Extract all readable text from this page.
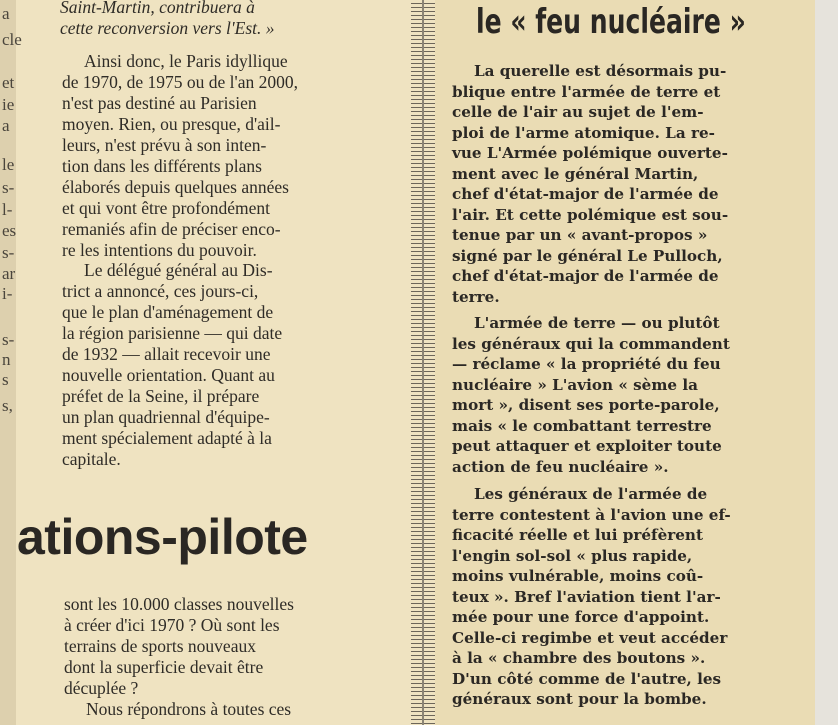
a
cle
et
ie
a
le
s-
l-
es
s-
ar
i-
s-
n
s
s,
Saint-Martin, contribuera à
cette reconversion vers l'Est. »
Ainsi donc, le Paris idyllique
de 1970, de 1975 ou de l'an 2000,
n'est pas destiné au Parisien
moyen. Rien, ou presque, d'ail-
leurs, n'est prévu à son inten-
tion dans les différents plans
élaborés depuis quelques années
et qui vont être profondément
remaniés afin de préciser enco-
re les intentions du pouvoir.
Le délégué général au Dis-
trict a annoncé, ces jours-ci,
que le plan d'aménagement de
la région parisienne — qui date
de 1932 — allait recevoir une
nouvelle orientation. Quant au
préfet de la Seine, il prépare
un plan quadriennal d'équipe-
ment spécialement adapté à la
capitale.
ations-pilote
sont les 10.000 classes nouvelles
à créer d'ici 1970 ? Où sont les
terrains de sports nouveaux
dont la superficie devait être
décuplée ?
Nous répondrons à toutes ces
le « feu nucléaire »
La querelle est désormais pu-
blique entre l'armée de terre et
celle de l'air au sujet de l'em-
ploi de l'arme atomique. La re-
vue L'Armée polémique ouverte-
ment avec le général Martin,
chef d'état-major de l'armée de
l'air. Et cette polémique est sou-
tenue par un « avant-propos »
signé par le général Le Pulloch,
chef d'état-major de l'armée de
terre.
L'armée de terre — ou plutôt
les généraux qui la commandent
— réclame « la propriété du feu
nucléaire » L'avion « sème la
mort », disent ses porte-parole,
mais « le combattant terrestre
peut attaquer et exploiter toute
action de feu nucléaire ».
Les généraux de l'armée de
terre contestent à l'avion une ef-
ficacité réelle et lui préfèrent
l'engin sol-sol « plus rapide,
moins vulnérable, moins coû-
teux ». Bref l'aviation tient l'ar-
mée pour une force d'appoint.
Celle-ci regimbe et veut accéder
à la « chambre des boutons ».
D'un côté comme de l'autre, les
généraux sont pour la bombe.
